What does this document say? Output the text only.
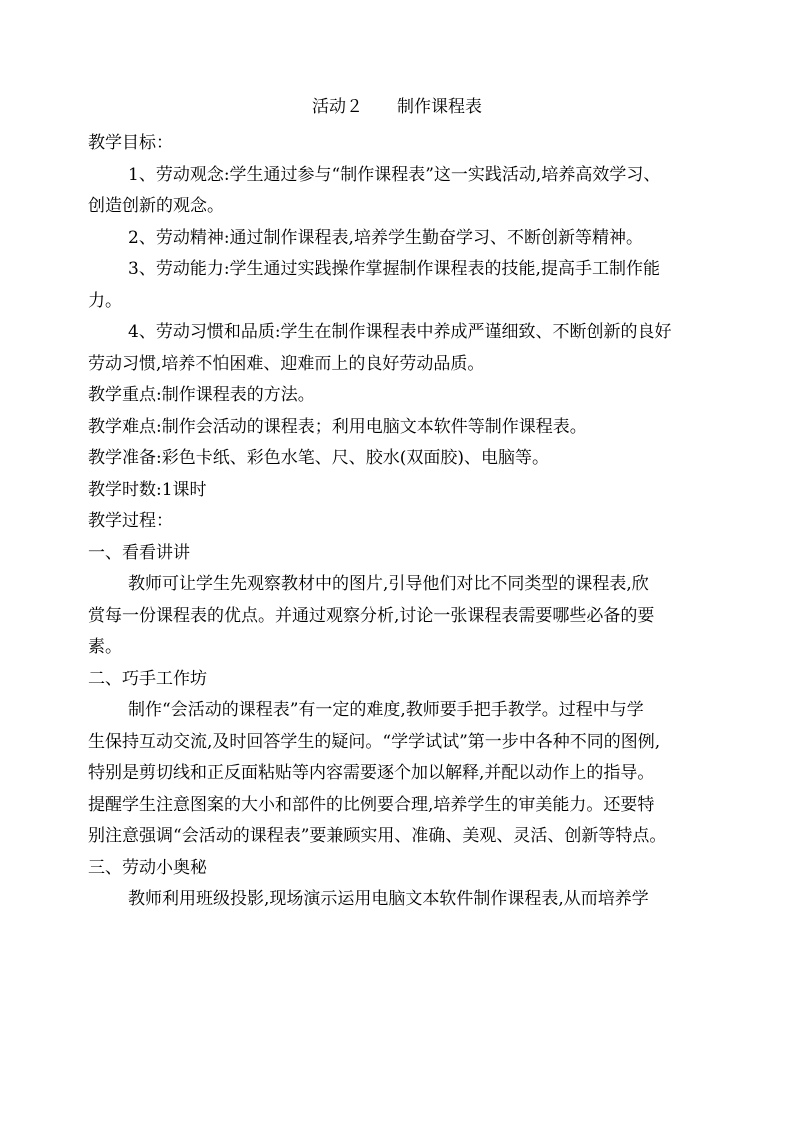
活动２　　制作课程表
教学目标：
1、劳动观念:学生通过参与“制作课程表”这一实践活动,培养高效学习、
创造创新的观念。
2、劳动精神:通过制作课程表,培养学生勤奋学习、不断创新等精神。
3、劳动能力:学生通过实践操作掌握制作课程表的技能,提高手工制作能
力。
4、劳动习惯和品质:学生在制作课程表中养成严谨细致、不断创新的良好
劳动习惯,培养不怕困难、迎难而上的良好劳动品质。
教学重点:制作课程表的方法。
教学难点:制作会活动的课程表；利用电脑文本软件等制作课程表。
教学准备:彩色卡纸、彩色水笔、尺、胶水(双面胶)、电脑等。
教学时数:1课时
教学过程：
一、看看讲讲
教师可让学生先观察教材中的图片,引导他们对比不同类型的课程表,欣
赏每一份课程表的优点。并通过观察分析,讨论一张课程表需要哪些必备的要
素。
二、巧手工作坊
制作“会活动的课程表”有一定的难度,教师要手把手教学。过程中与学
生保持互动交流,及时回答学生的疑问。“学学试试”第一步中各种不同的图例,
特别是剪切线和正反面粘贴等内容需要逐个加以解释,并配以动作上的指导。
提醒学生注意图案的大小和部件的比例要合理,培养学生的审美能力。还要特
别注意强调“会活动的课程表”要兼顾实用、准确、美观、灵活、创新等特点。
三、劳动小奥秘
教师利用班级投影,现场演示运用电脑文本软件制作课程表,从而培养学
